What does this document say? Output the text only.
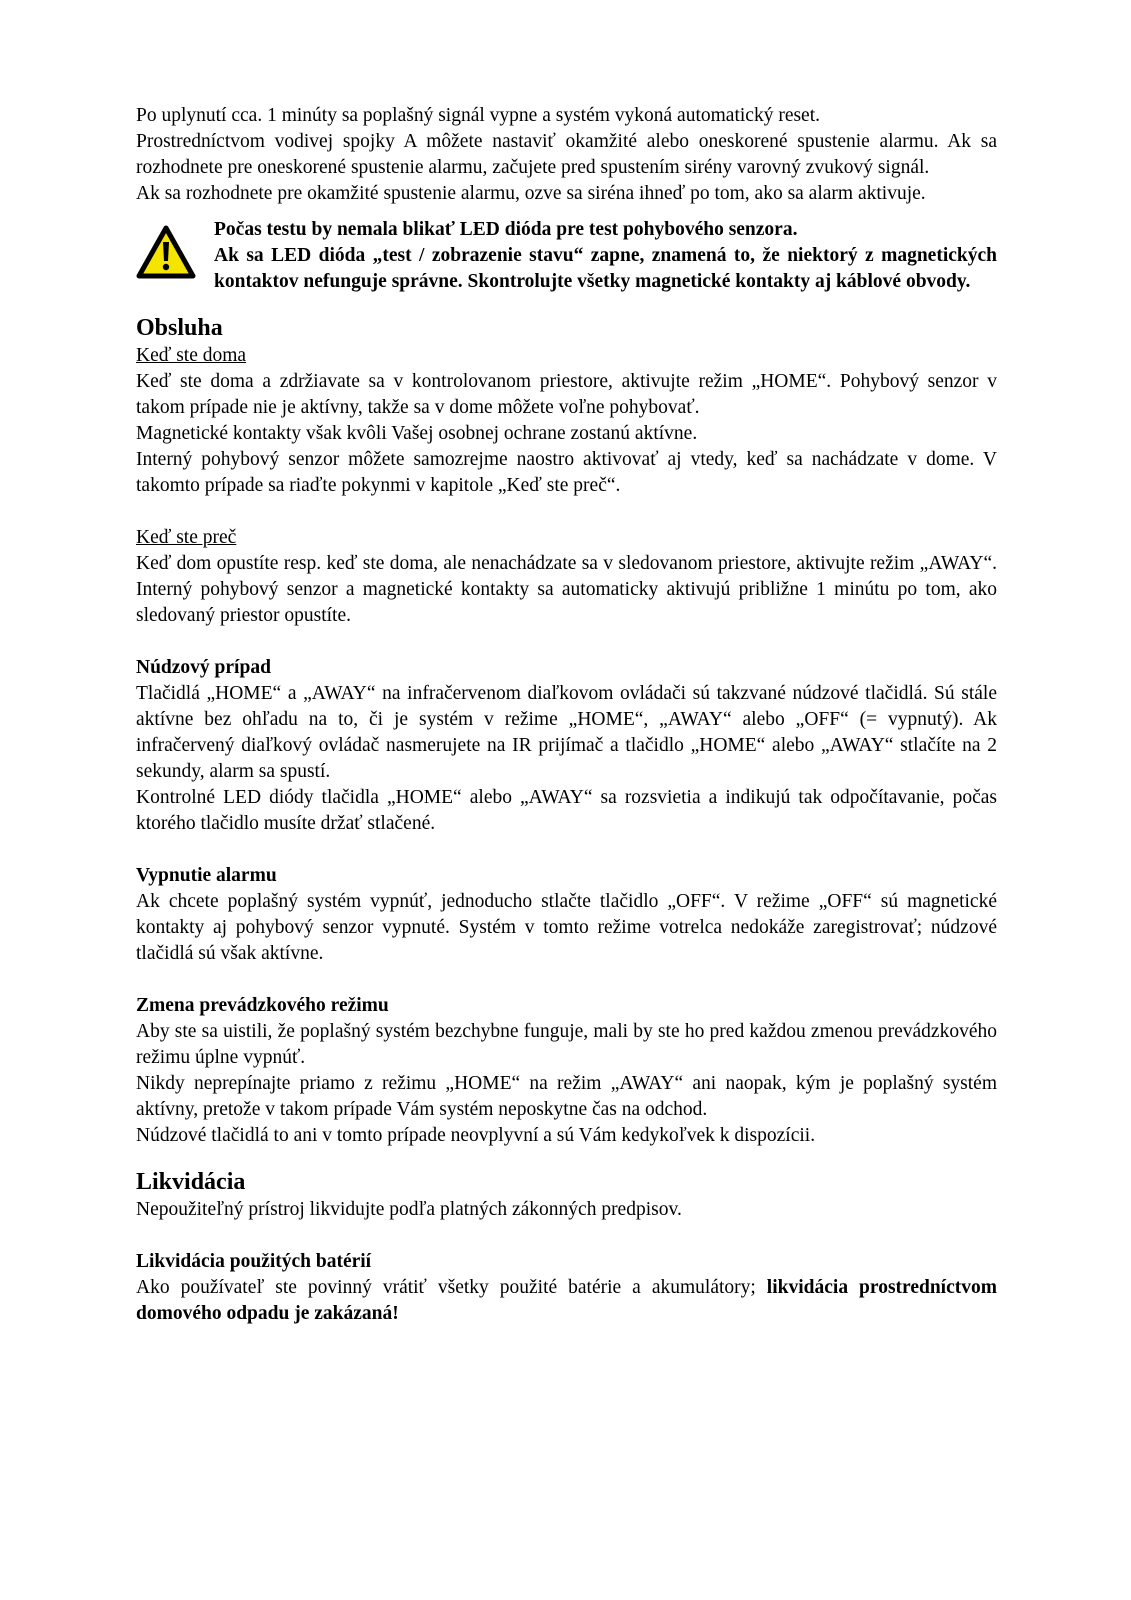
Po uplynutí cca. 1 minúty sa poplašný signál vypne a systém vykoná automatický reset.

Prostredníctvom vodivej spojky A môžete nastaviť okamžité alebo oneskorené spustenie alarmu. Ak sa rozhodnete pre oneskorené spustenie alarmu, začujete pred spustením sirény varovný zvukový signál.

Ak sa rozhodnete pre okamžité spustenie alarmu, ozve sa siréna ihneď po tom, ako sa alarm aktivuje.

Počas testu by nemala blikať LED dióda pre test pohybového senzora.

Ak sa LED dióda „test / zobrazenie stavu“ zapne, znamená to, že niektorý z magnetických kontaktov nefunguje správne. Skontrolujte všetky magnetické kontakty aj káblové obvody.

Obsluha

Keď ste doma

Keď ste doma a zdržiavate sa v kontrolovanom priestore, aktivujte režim „HOME“. Pohybový senzor v takom prípade nie je aktívny, takže sa v dome môžete voľne pohybovať.

Magnetické kontakty však kvôli Vašej osobnej ochrane zostanú aktívne.

Interný pohybový senzor môžete samozrejme naostro aktivovať aj vtedy, keď sa nachádzate v dome. V takomto prípade sa riaďte pokynmi v kapitole „Keď ste preč“.

Keď ste preč

Keď dom opustíte resp. keď ste doma, ale nenachádzate sa v sledovanom priestore, aktivujte režim „AWAY“. Interný pohybový senzor a magnetické kontakty sa automaticky aktivujú približne 1 minútu po tom, ako sledovaný priestor opustíte.

Núdzový prípad

Tlačidlá „HOME“ a „AWAY“ na infračervenom diaľkovom ovládači sú takzvané núdzové tlačidlá. Sú stále aktívne bez ohľadu na to, či je systém v režime „HOME“, „AWAY“ alebo „OFF“ (= vypnutý). Ak infračervený diaľkový ovládač nasmerujete na IR prijímač a tlačidlo „HOME“ alebo „AWAY“ stlačíte na 2 sekundy, alarm sa spustí.

Kontrolné LED diódy tlačidla „HOME“ alebo „AWAY“ sa rozsvietia a indikujú tak odpočítavanie, počas ktorého tlačidlo musíte držať stlačené.

Vypnutie alarmu

Ak chcete poplašný systém vypnúť, jednoducho stlačte tlačidlo „OFF“. V režime „OFF“ sú magnetické kontakty aj pohybový senzor vypnuté. Systém v tomto režime votrelca nedokáže zaregistrovať; núdzové tlačidlá sú však aktívne.

Zmena prevádzkového režimu

Aby ste sa uistili, že poplašný systém bezchybne funguje, mali by ste ho pred každou zmenou prevádzkového režimu úplne vypnúť.

Nikdy neprepínajte priamo z režimu „HOME“ na režim „AWAY“ ani naopak, kým je poplašný systém aktívny, pretože v takom prípade Vám systém neposkytne čas na odchod.

Núdzové tlačidlá to ani v tomto prípade neovplyvní a sú Vám kedykoľvek k dispozícii.

Likvidácia

Nepoužiteľný prístroj likvidujte podľa platných zákonných predpisov.

Likvidácia použitých batérií

Ako používateľ ste povinný vrátiť všetky použité batérie a akumulátory; likvidácia prostredníctvom domového odpadu je zakázaná!
